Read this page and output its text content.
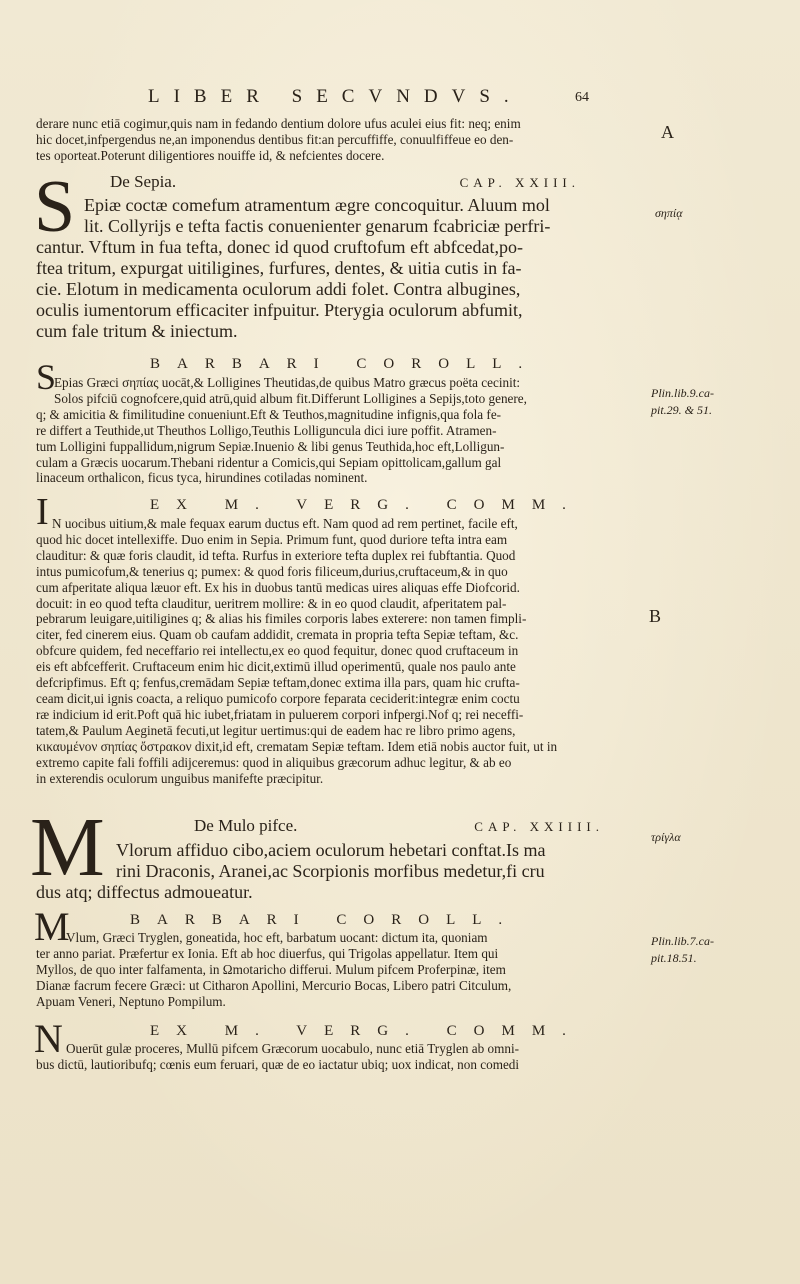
LIBER SECVNDVS.	64
A
B
σηπίᾳ
Plin.lib.9.ca-
pit.29. & 51.
τρίγλα
Plin.lib.7.ca-
pit.18.51.
derare nunc etiā cogimur,quis nam in fedando dentium dolore ufus aculei eius fit: neq; enim
hic docet,infpergendus ne,an imponendus dentibus fit:an percuffiffe, conuulfiffeue eo den-
tes oporteat.Poterunt diligentiores nouiffe id, & nefcientes docere.
S De Sepia.	CAP. XXIII.
Epiæ coctæ comefum atramentum ægre concoquitur. Aluum mol
lit. Collyrijs e tefta factis conuenienter genarum fcabriciæ perfri-
cantur. Vftum in fua tefta, donec id quod cruftofum eft abfcedat,po-
ftea tritum, expurgat uitiligines, furfures, dentes, & uitia cutis in fa-
cie. Elotum in medicamenta oculorum addi folet. Contra albugines,
oculis iumentorum efficaciter infpuitur. Pterygia oculorum abfumit,
cum fale tritum & iniectum.
S	BARBARI COROLL.
Epias Græci σηπίας uocāt,& Lolligines Theutidas,de quibus Matro græcus poëta cecinit:
Solos pifciū cognofcere,quid atrū,quid album fit.Differunt Lolligines a Sepijs,toto genere,
q; & amicitia & fimilitudine conueniunt.Eft & Teuthos,magnitudine infignis,qua fola fe-
re differt a Teuthide,ut Theuthos Lolligo,Teuthis Lolliguncula dici iure poffit. Atramen-
tum Lolligini fuppallidum,nigrum Sepiæ.Inuenio & libi genus Teuthida,hoc eft,Lolligun-
culam a Græcis uocarum.Thebani ridentur a Comicis,qui Sepiam opittolicam,gallum gal
linaceum orthalicon, ficus tyca, hirundines cotiladas nominent.
I	EX M. VERG. COMM.
N uocibus uitium,& male fequax earum ductus eft. Nam quod ad rem pertinet, facile eft,
quod hic docet intellexiffe. Duo enim in Sepia. Primum funt, quod duriore tefta intra eam
clauditur: & quæ foris claudit, id tefta. Rurfus in exteriore tefta duplex rei fubftantia. Quod
intus pumicofum,& tenerius q; pumex: & quod foris filiceum,durius,cruftaceum,& in quo
cum afperitate aliqua læuor eft. Ex his in duobus tantū medicas uires aliquas effe Diofcorid.
docuit: in eo quod tefta clauditur, ueritrem mollire: & in eo quod claudit, afperitatem pal-
pebrarum leuigare,uitiligines q; & alias his fimiles corporis labes exterere: non tamen fimpli-
citer, fed cinerem eius. Quam ob caufam addidit, cremata in propria tefta Sepiæ teftam, &c.
obfcure quidem, fed neceffario rei intellectu,ex eo quod fequitur, donec quod cruftaceum in
eis eft abfcefferit. Cruftaceum enim hic dicit,extimū illud operimentū, quale nos paulo ante
defcripfimus. Eft q; fenfus,cremādam Sepiæ teftam,donec extima illa pars, quam hic crufta-
ceam dicit,ui ignis coacta, a reliquo pumicofo corpore feparata ceciderit:integræ enim coctu
ræ indicium id erit.Poft quā hic iubet,friatam in puluerem corpori infpergi.Nof q; rei neceffi-
tatem,& Paulum Aeginetā fecuti,ut legitur uertimus:qui de eadem hac re libro primo agens,
κικαυμένον σηπίας ὄστρακον dixit,id eft, crematam Sepiæ teftam. Idem etiā nobis auctor fuit, ut in
extremo capite fali foffili adijceremus: quod in aliquibus græcorum adhuc legitur, & ab eo
in exterendis oculorum unguibus manifefte præcipitur.
M	De Mulo pifce.	CAP. XXIIII.
Vlorum affiduo cibo,aciem oculorum hebetari conftat.Is ma
rini Draconis, Aranei,ac Scorpionis morfibus medetur,fi cru
dus atq; diffectus admoueatur.
M	BARBARI COROLL.
Vlum, Græci Tryglen, goneatida, hoc eft, barbatum uocant: dictum ita, quoniam
ter anno pariat. Præfertur ex Ionia. Eft ab hoc diuerfus, qui Trigolas appellatur. Item qui
Myllos, de quo inter falfamenta, in Ωmotaricho differui. Mulum pifcem Proferpinæ, item
Dianæ facrum fecere Græci: ut Citharon Apollini, Mercurio Bocas, Libero patri Citculum,
Apuam Veneri, Neptuno Pompilum.
N	EX M. VERG. COMM.
Ouerūt gulæ proceres, Mullū pifcem Græcorum uocabulo, nunc etiā Tryglen ab omni-
bus dictū, lautioribufq; cœnis eum feruari, quæ de eo iactatur ubiq; uox indicat, non comedi
